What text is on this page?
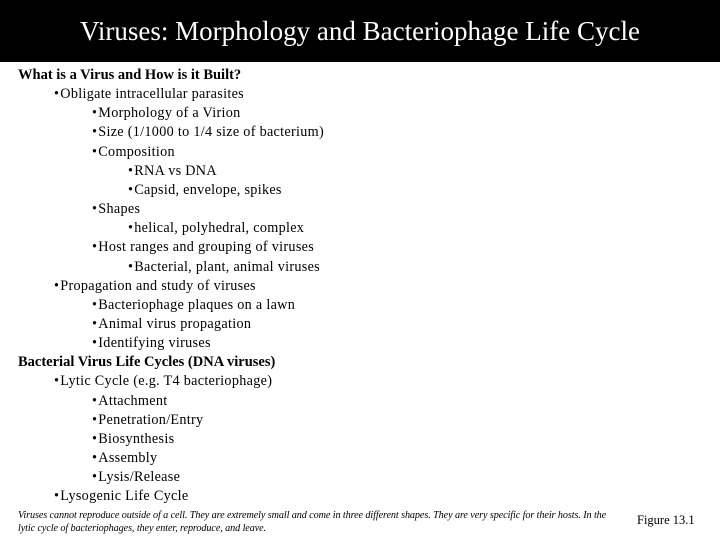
Viruses: Morphology and Bacteriophage Life Cycle
What is a Virus and How is it Built?
•Obligate intracellular parasites
•Morphology of a Virion
•Size (1/1000 to 1/4 size of bacterium)
•Composition
•RNA vs DNA
•Capsid, envelope, spikes
•Shapes
•helical, polyhedral, complex
•Host ranges and grouping of viruses
•Bacterial, plant, animal viruses
•Propagation and study of viruses
•Bacteriophage plaques on a lawn
•Animal virus propagation
•Identifying viruses
Bacterial Virus Life Cycles (DNA viruses)
•Lytic Cycle (e.g. T4 bacteriophage)
•Attachment
•Penetration/Entry
•Biosynthesis
•Assembly
•Lysis/Release
•Lysogenic Life Cycle
Viruses cannot reproduce outside of a cell. They are extremely small and come in three different shapes. They are very specific for their hosts. In the lytic cycle of bacteriophages, they enter, reproduce, and leave.
Figure 13.1
